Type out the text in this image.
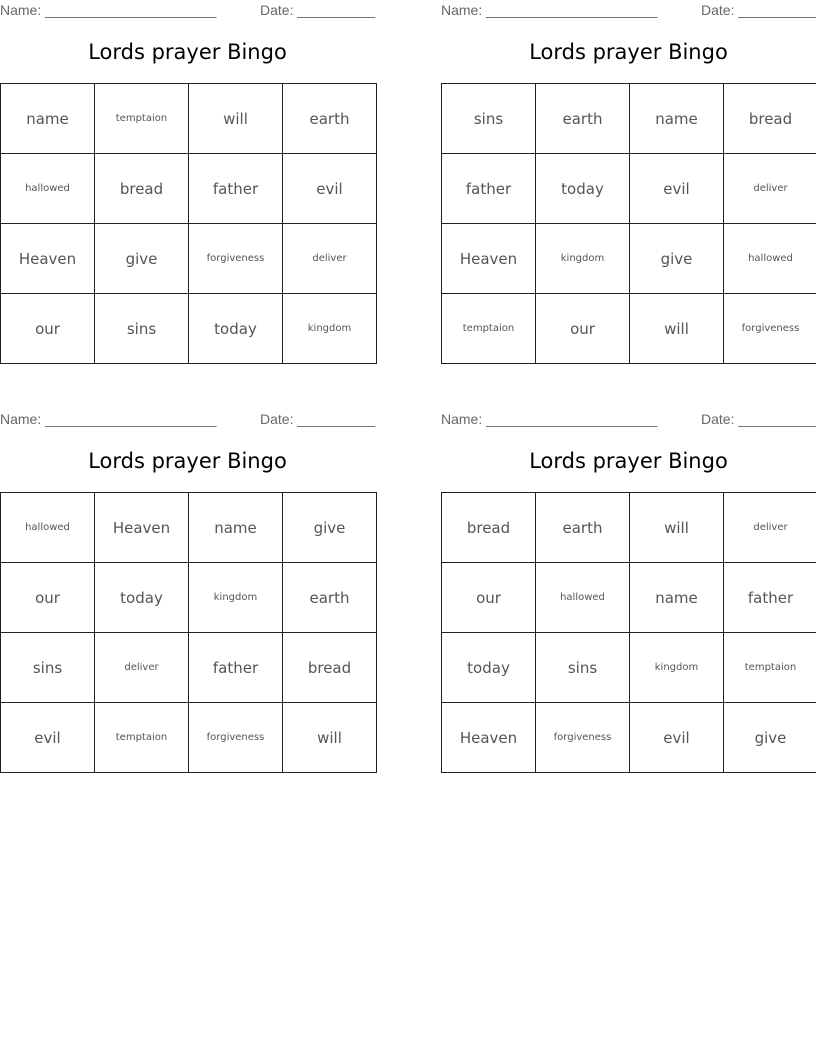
Name: ______________________	Date: __________
Lords prayer Bingo
name	temptaion	will	earth
hallowed	bread	father	evil
Heaven	give	forgiveness	deliver
our	sins	today	kingdom
Name: ______________________	Date: __________
Lords prayer Bingo
sins	earth	name	bread
father	today	evil	deliver
Heaven	kingdom	give	hallowed
temptaion	our	will	forgiveness
Name: ______________________	Date: __________
Lords prayer Bingo
hallowed	Heaven	name	give
our	today	kingdom	earth
sins	deliver	father	bread
evil	temptaion	forgiveness	will
Name: ______________________	Date: __________
Lords prayer Bingo
bread	earth	will	deliver
our	hallowed	name	father
today	sins	kingdom	temptaion
Heaven	forgiveness	evil	give
